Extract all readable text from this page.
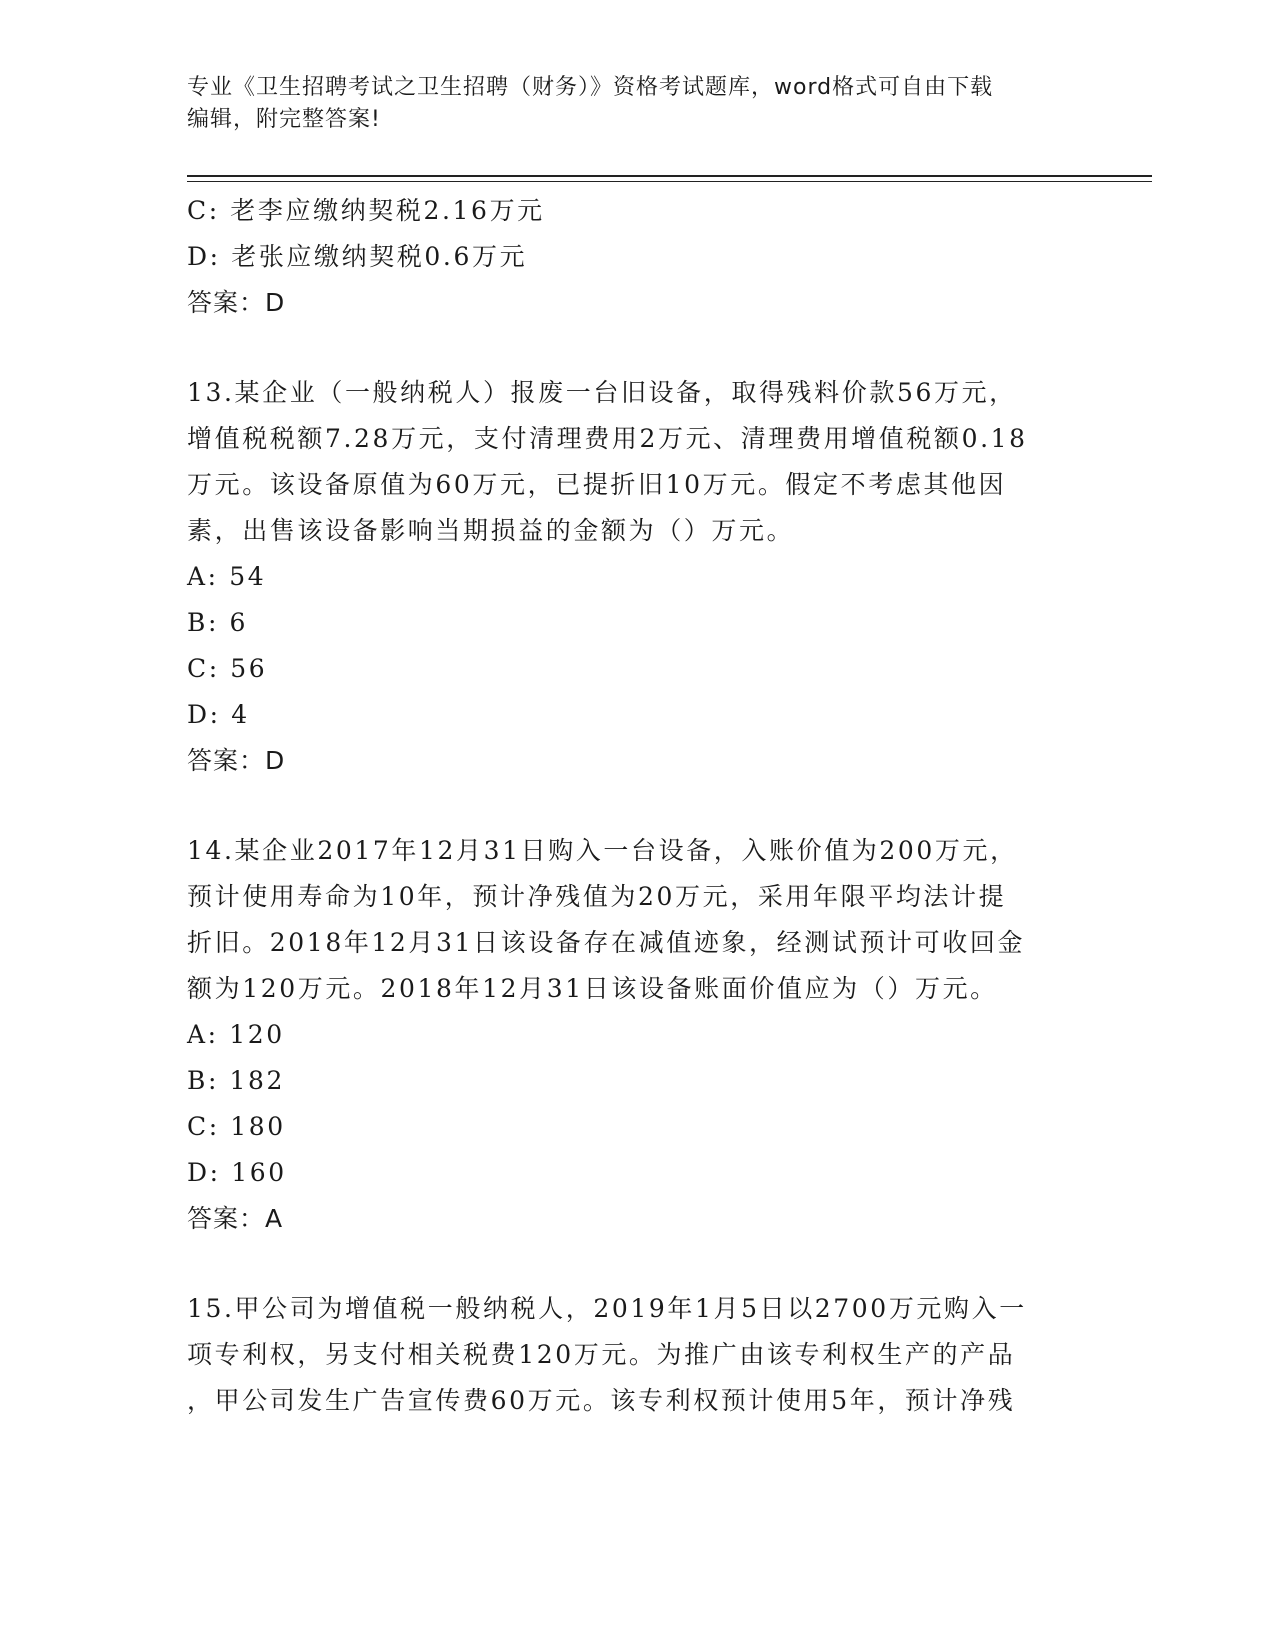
专业《卫生招聘考试之卫生招聘（财务）》资格考试题库，word格式可自由下载
编辑，附完整答案!
C: 老李应缴纳契税2.16万元
D: 老张应缴纳契税0.6万元
答案：D
13.某企业（一般纳税人）报废一台旧设备，取得残料价款56万元，
增值税税额7.28万元，支付清理费用2万元、清理费用增值税额0.18
万元。该设备原值为60万元，已提折旧10万元。假定不考虑其他因
素，出售该设备影响当期损益的金额为（）万元。
A: 54
B: 6
C: 56
D: 4
答案：D
14.某企业2017年12月31日购入一台设备，入账价值为200万元，
预计使用寿命为10年，预计净残值为20万元，采用年限平均法计提
折旧。2018年12月31日该设备存在减值迹象，经测试预计可收回金
额为120万元。2018年12月31日该设备账面价值应为（）万元。
A: 120
B: 182
C: 180
D: 160
答案：A
15.甲公司为增值税一般纳税人，2019年1月5日以2700万元购入一
项专利权，另支付相关税费120万元。为推广由该专利权生产的产品
，甲公司发生广告宣传费60万元。该专利权预计使用5年，预计净残
